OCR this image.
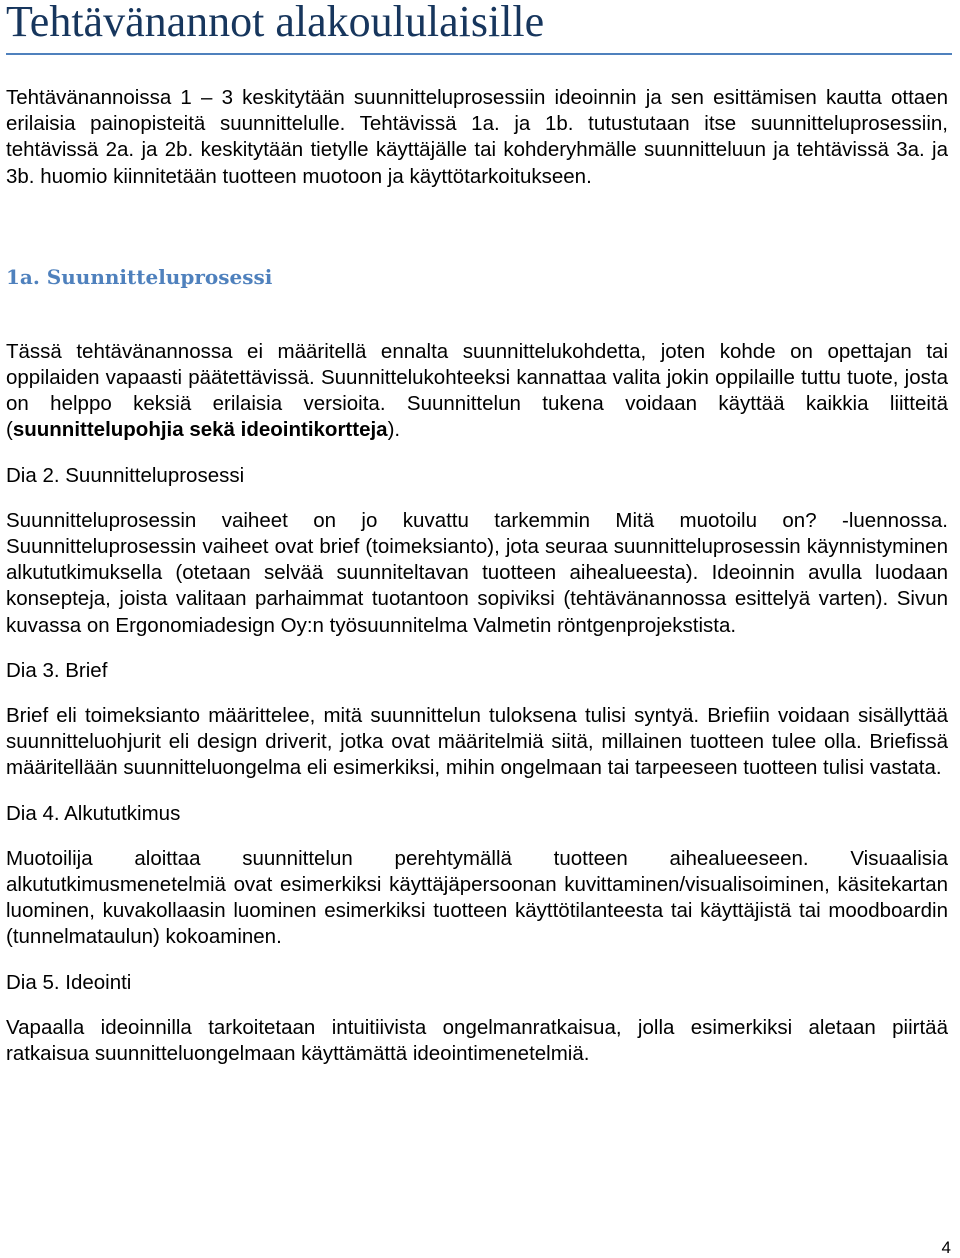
Tehtävänannot alakoululaisille

Tehtävänannoissa 1 – 3 keskitytään suunnitteluprosessiin ideoinnin ja sen esittämisen kautta ottaen erilaisia painopisteitä suunnittelulle. Tehtävissä 1a. ja 1b. tutustutaan itse suunnitteluprosessiin, tehtävissä 2a. ja 2b. keskitytään tietylle käyttäjälle tai kohderyhmälle suunnitteluun ja tehtävissä 3a. ja 3b. huomio kiinnitetään tuotteen muotoon ja käyttötarkoitukseen.

1a. Suunnitteluprosessi

Tässä tehtävänannossa ei määritellä ennalta suunnittelukohdetta, joten kohde on opettajan tai oppilaiden vapaasti päätettävissä. Suunnittelukohteeksi kannattaa valita jokin oppilaille tuttu tuote, josta on helppo keksiä erilaisia versioita. Suunnittelun tukena voidaan käyttää kaikkia liitteitä (suunnittelupohjia sekä ideointikortteja).

Dia 2. Suunnitteluprosessi

Suunnitteluprosessin vaiheet on jo kuvattu tarkemmin Mitä muotoilu on? -luennossa. Suunnitteluprosessin vaiheet ovat brief (toimeksianto), jota seuraa suunnitteluprosessin käynnistyminen alkututkimuksella (otetaan selvää suunniteltavan tuotteen aihealueesta). Ideoinnin avulla luodaan konsepteja, joista valitaan parhaimmat tuotantoon sopiviksi (tehtävänannossa esittelyä varten). Sivun kuvassa on Ergonomiadesign Oy:n työsuunnitelma Valmetin röntgenprojekstista.

Dia 3. Brief

Brief eli toimeksianto määrittelee, mitä suunnittelun tuloksena tulisi syntyä. Briefiin voidaan sisällyttää suunnitteluohjurit eli design driverit, jotka ovat määritelmiä siitä, millainen tuotteen tulee olla. Briefissä määritellään suunnitteluongelma eli esimerkiksi, mihin ongelmaan tai tarpeeseen tuotteen tulisi vastata.

Dia 4. Alkututkimus

Muotoilija aloittaa suunnittelun perehtymällä tuotteen aihealueeseen. Visuaalisia alkututkimusmenetelmiä ovat esimerkiksi käyttäjäpersoonan kuvittaminen/visualisoiminen, käsitekartan luominen, kuvakollaasin luominen esimerkiksi tuotteen käyttötilanteesta tai käyttäjistä tai moodboardin (tunnelmataulun) kokoaminen.

Dia 5. Ideointi

Vapaalla ideoinnilla tarkoitetaan intuitiivista ongelmanratkaisua, jolla esimerkiksi aletaan piirtää ratkaisua suunnitteluongelmaan käyttämättä ideointimenetelmiä.

4
